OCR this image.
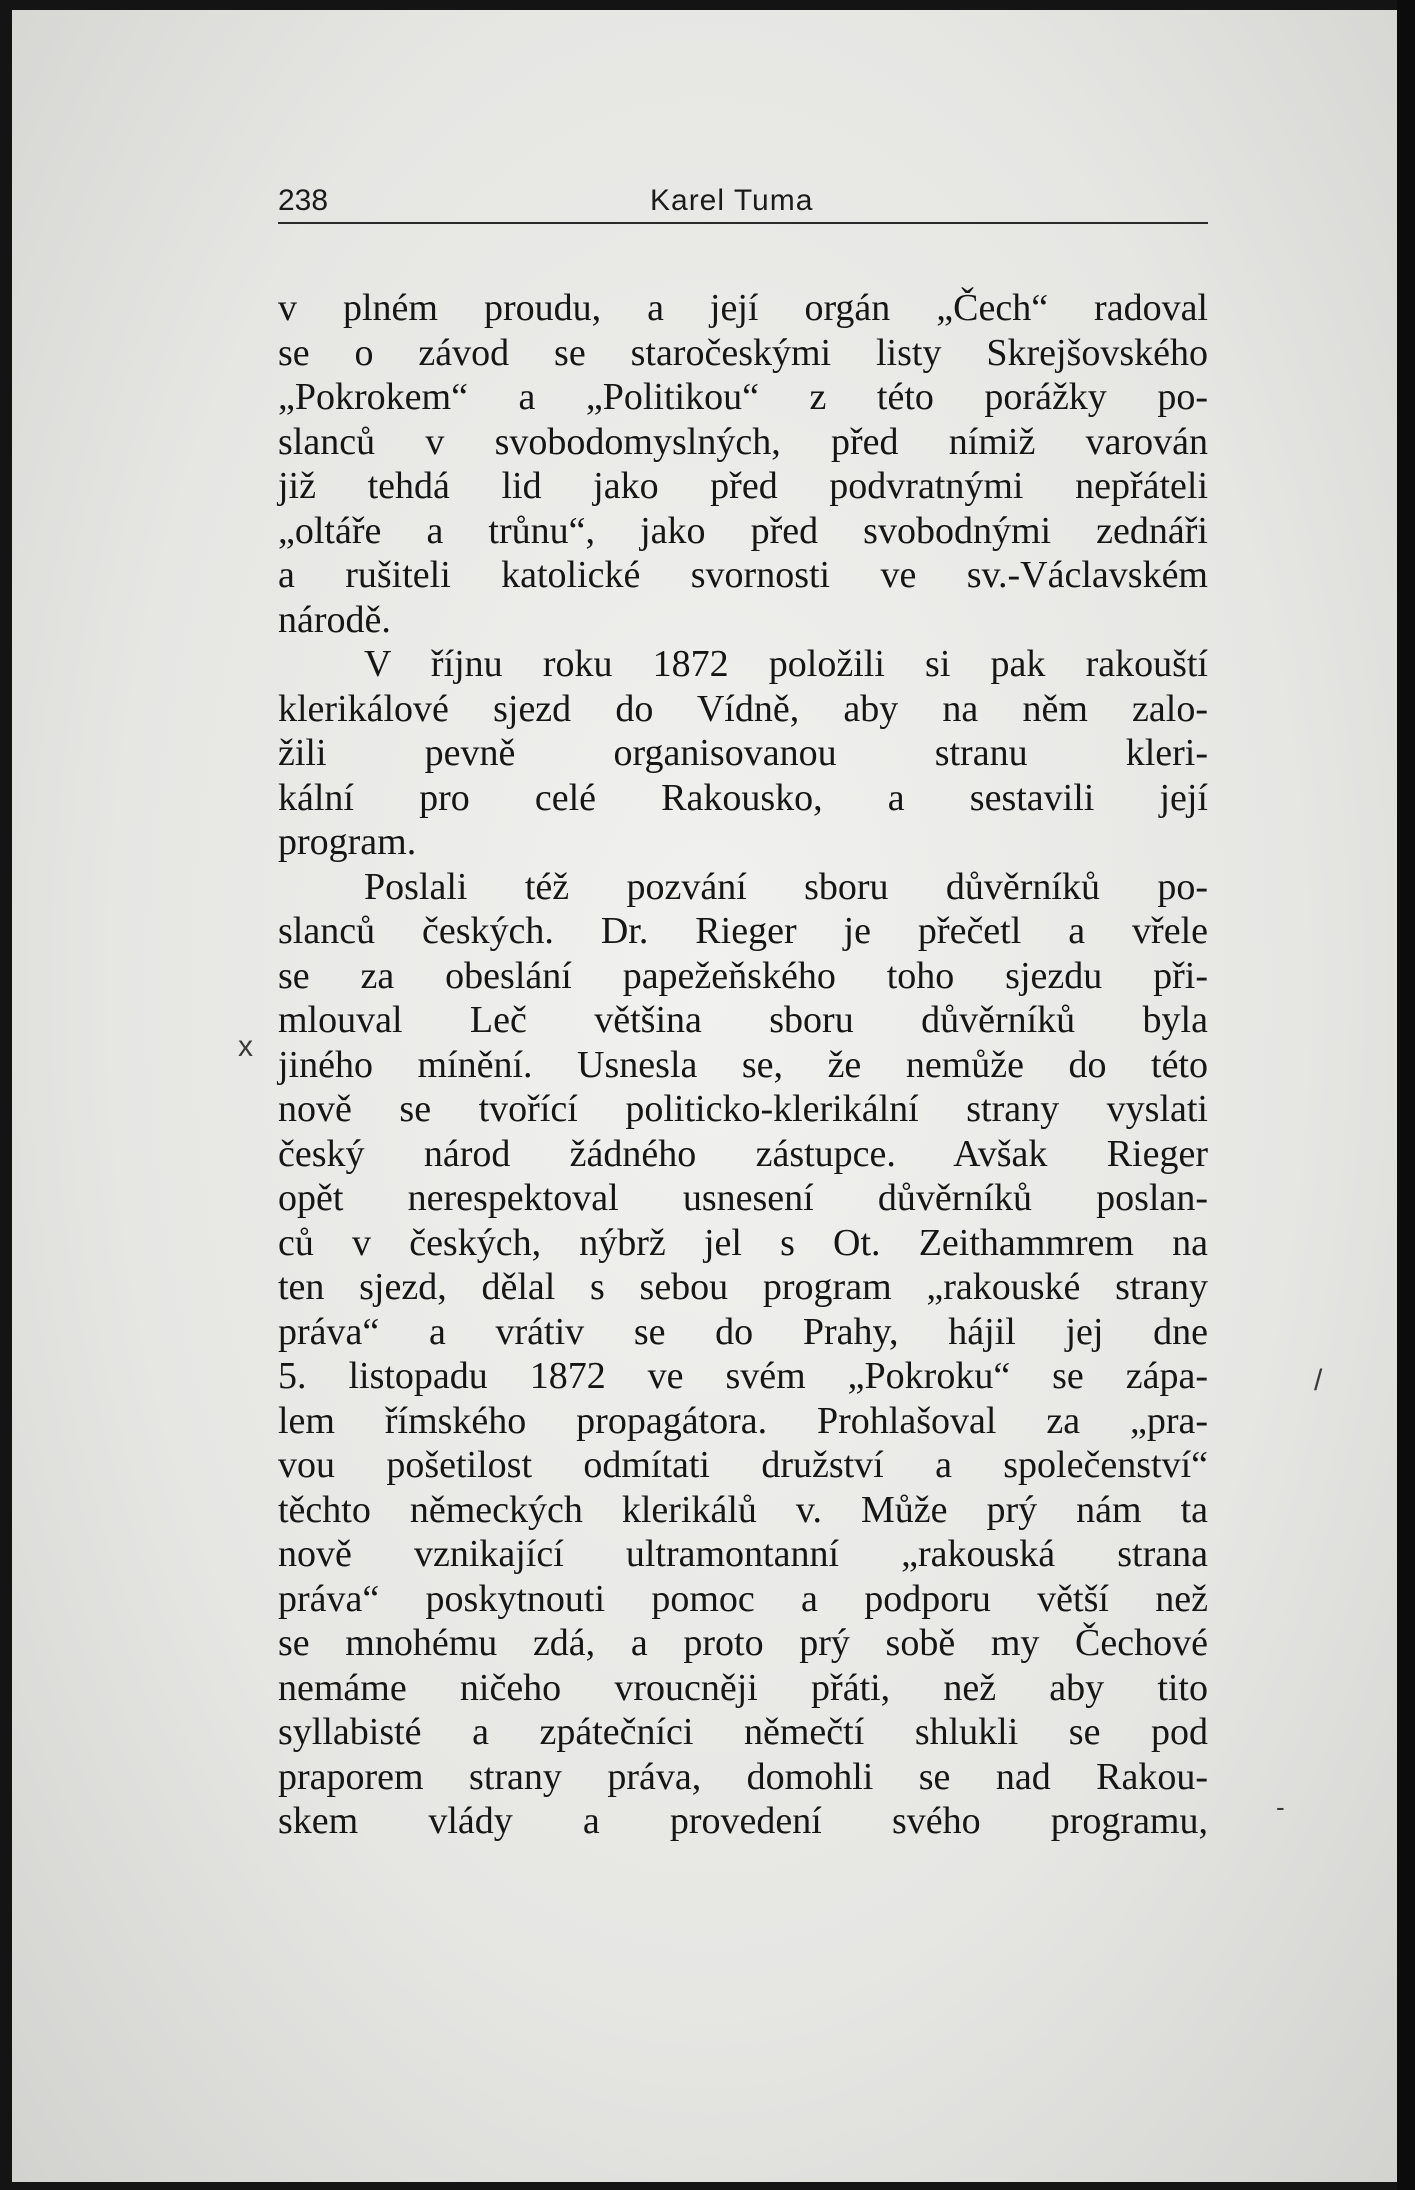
238	Karel Tuma
x
/
-
v plném proudu, a její orgán „Čech“ radoval
se o závod se staročeskými listy Skrejšovského
„Pokrokem“ a „Politikou“ z této porážky po-
slanců v svobodomyslných, před nímiž varován
již tehdá lid jako před podvratnými nepřáteli
„oltáře a trůnu“, jako před svobodnými zednáři
a rušiteli katolické svornosti ve sv.-Václavském
národě.
V říjnu roku 1872 položili si pak rakouští
klerikálové sjezd do Vídně, aby na něm zalo-
žili pevně organisovanou stranu kleri-
kální pro celé Rakousko, a sestavili její
program.
Poslali též pozvání sboru důvěrníků po-
slanců českých. Dr. Rieger je přečetl a vřele
se za obeslání papežeňského toho sjezdu při-
mlouval Leč většina sboru důvěrníků byla
jiného mínění. Usnesla se, že nemůže do této
nově se tvořící politicko-klerikální strany vyslati
český národ žádného zástupce. Avšak Rieger
opět nerespektoval usnesení důvěrníků poslan-
ců v českých, nýbrž jel s Ot. Zeithammrem na
ten sjezd, dělal s sebou program „rakouské strany
práva“ a vrátiv se do Prahy, hájil jej dne
5. listopadu 1872 ve svém „Pokroku“ se zápa-
lem římského propagátora. Prohlašoval za „pra-
vou pošetilost odmítati družství a společenství“
těchto německých klerikálů v. Může prý nám ta
nově vznikající ultramontanní „rakouská strana
práva“ poskytnouti pomoc a podporu větší než
se mnohému zdá, a proto prý sobě my Čechové
nemáme ničeho vroucněji přáti, než aby tito
syllabisté a zpátečníci němečtí shlukli se pod
praporem strany práva, domohli se nad Rakou-
skem vlády a provedení svého programu,
